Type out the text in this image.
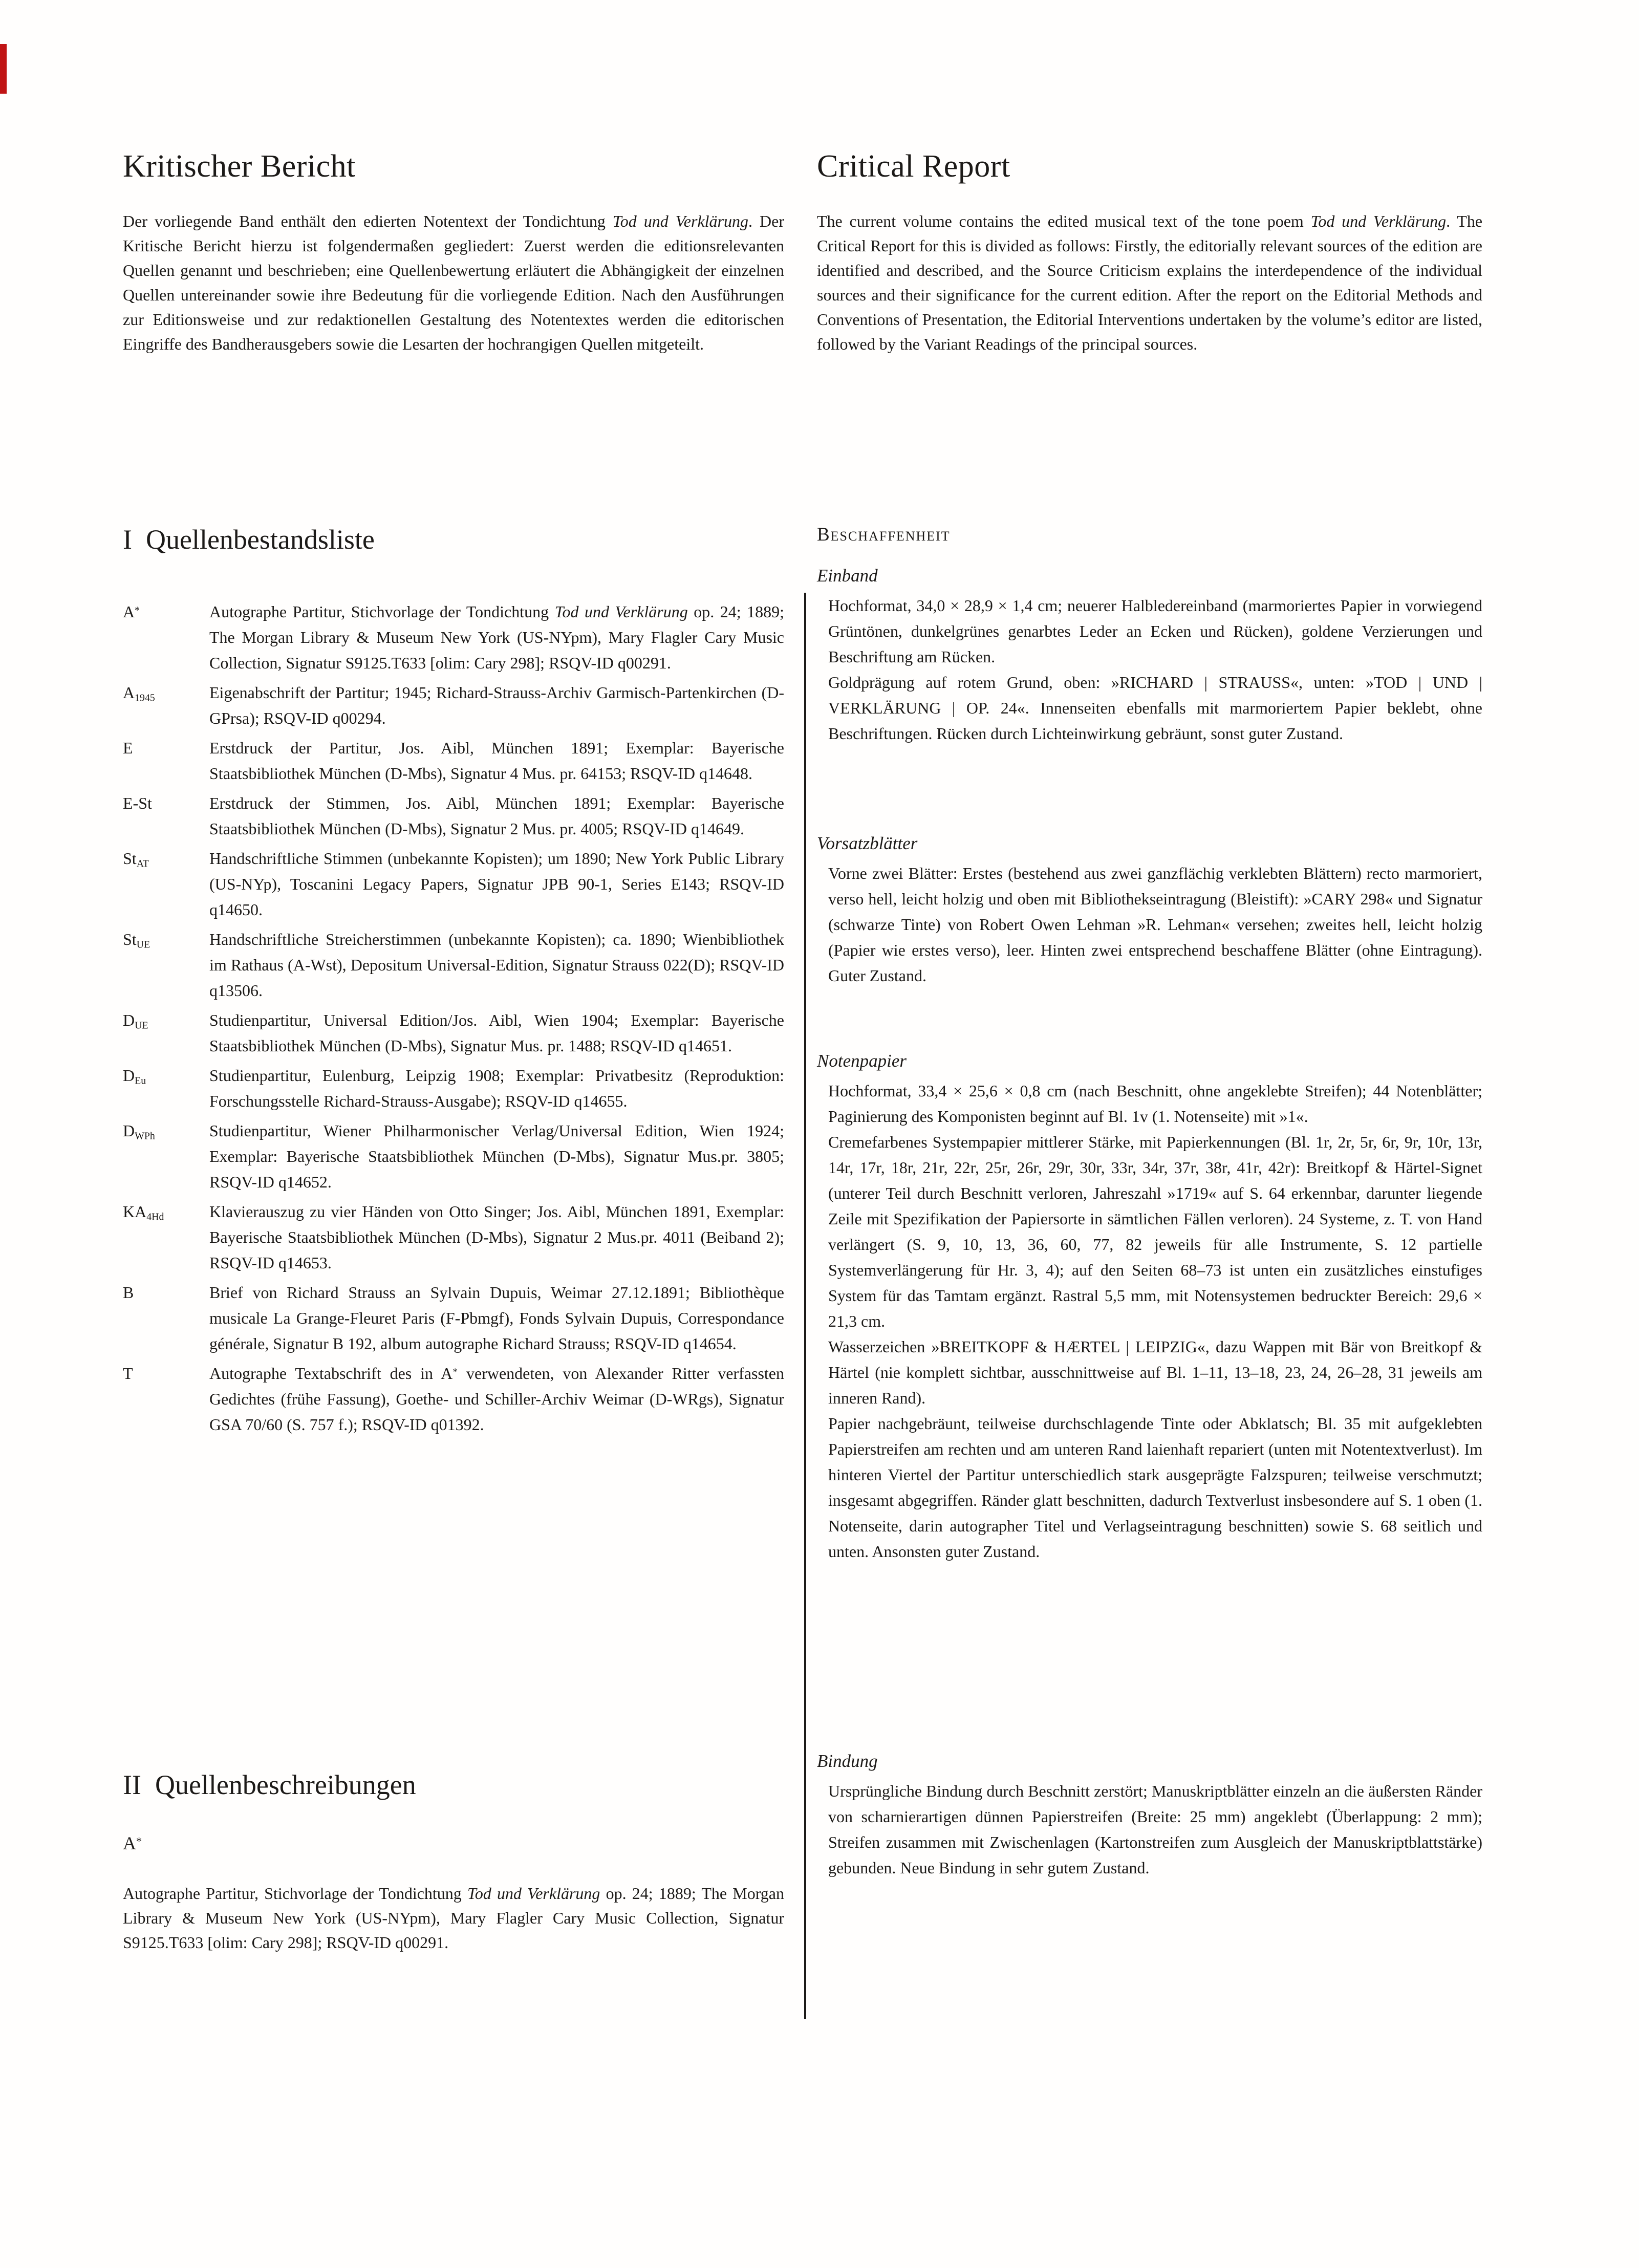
Kritischer Bericht

Der vorliegende Band enthält den edierten Notentext der Tondichtung Tod und Verklärung. Der Kritische Bericht hierzu ist folgendermaßen gegliedert: Zuerst werden die editionsrelevanten Quellen genannt und beschrieben; eine Quellenbewertung erläutert die Abhängigkeit der einzelnen Quellen untereinander sowie ihre Bedeutung für die vorliegende Edition. Nach den Ausführungen zur Editionsweise und zur redaktionellen Gestaltung des Notentextes werden die editorischen Eingriffe des Bandherausgebers sowie die Lesarten der hochrangigen Quellen mitgeteilt.

I Quellenbestandsliste
A*	Autographe Partitur, Stichvorlage der Tondichtung Tod und Verklärung op. 24; 1889; The Morgan Library & Museum New York (US-NYpm), Mary Flagler Cary Music Collection, Signatur S9125.T633 [olim: Cary 298]; RSQV-ID q00291.
$A_{1945}$	Eigenabschrift der Partitur; 1945; Richard-Strauss-Archiv Garmisch-Partenkirchen (D-GPrsa); RSQV-ID q00294.
E	Erstdruck der Partitur, Jos. Aibl, München 1891; Exemplar: Bayerische Staatsbibliothek München (D-Mbs), Signatur 4 Mus. pr. 64153; RSQV-ID q14648.
E-St	Erstdruck der Stimmen, Jos. Aibl, München 1891; Exemplar: Bayerische Staatsbibliothek München (D-Mbs), Signatur 2 Mus. pr. 4005; RSQV-ID q14649.
$St_{AT}$	Handschriftliche Stimmen (unbekannte Kopisten); um 1890; New York Public Library (US-NYp), Toscanini Legacy Papers, Signatur JPB 90-1, Series E143; RSQV-ID q14650.
$St_{UE}$	Handschriftliche Streicherstimmen (unbekannte Kopisten); ca. 1890; Wienbibliothek im Rathaus (A-Wst), Depositum Universal-Edition, Signatur Strauss 022(D); RSQV-ID q13506.
$D_{UE}$	Studienpartitur, Universal Edition/Jos. Aibl, Wien 1904; Exemplar: Bayerische Staatsbibliothek München (D-Mbs), Signatur Mus. pr. 1488; RSQV-ID q14651.
$D_{Eu}$	Studienpartitur, Eulenburg, Leipzig 1908; Exemplar: Privatbesitz (Reproduktion: Forschungsstelle Richard-Strauss-Ausgabe); RSQV-ID q14655.
$D_{WPh}$	Studienpartitur, Wiener Philharmonischer Verlag/Universal Edition, Wien 1924; Exemplar: Bayerische Staatsbibliothek München (D-Mbs), Signatur Mus.pr. 3805; RSQV-ID q14652.
$KA_{4Hd}$	Klavierauszug zu vier Händen von Otto Singer; Jos. Aibl, München 1891, Exemplar: Bayerische Staatsbibliothek München (D-Mbs), Signatur 2 Mus.pr. 4011 (Beiband 2); RSQV-ID q14653.
B	Brief von Richard Strauss an Sylvain Dupuis, Weimar 27.12.1891; Bibliothèque musicale La Grange-Fleuret Paris (F-Pbmgf), Fonds Sylvain Dupuis, Correspondance générale, Signatur B 192, album autographe Richard Strauss; RSQV-ID q14654.
T	Autographe Textabschrift des in A* verwendeten, von Alexander Ritter verfassten Gedichtes (frühe Fassung), Goethe- und Schiller-Archiv Weimar (D-WRgs), Signatur GSA 70/60 (S. 757 f.); RSQV-ID q01392.
II Quellenbeschreibungen
A*

Autographe Partitur, Stichvorlage der Tondichtung Tod und Verklärung op. 24; 1889; The Morgan Library & Museum New York (US-NYpm), Mary Flagler Cary Music Collection, Signatur S9125.T633 [olim: Cary 298]; RSQV-ID q00291.

Critical Report

The current volume contains the edited musical text of the tone poem Tod und Verklärung. The Critical Report for this is divided as follows: Firstly, the editorially relevant sources of the edition are identified and described, and the Source Criticism explains the interdependence of the individual sources and their significance for the current edition. After the report on the Editorial Methods and Conventions of Presentation, the Editorial Interventions undertaken by the volume’s editor are listed, followed by the Variant Readings of the principal sources.

Beschaffenheit
Einband

Hochformat, 34,0 × 28,9 × 1,4 cm; neuerer Halbledereinband (marmoriertes Papier in vorwiegend Grüntönen, dunkelgrünes genarbtes Leder an Ecken und Rücken), goldene Verzierungen und Beschriftung am Rücken.

Goldprägung auf rotem Grund, oben: »RICHARD | STRAUSS«, unten: »TOD | UND | VERKLÄRUNG | OP. 24«. Innenseiten ebenfalls mit marmoriertem Papier beklebt, ohne Beschriftungen. Rücken durch Lichteinwirkung gebräunt, sonst guter Zustand.

Vorsatzblätter

Vorne zwei Blätter: Erstes (bestehend aus zwei ganzflächig verklebten Blättern) recto marmoriert, verso hell, leicht holzig und oben mit Bibliothekseintragung (Bleistift): »CARY 298« und Signatur (schwarze Tinte) von Robert Owen Lehman »R. Lehman« versehen; zweites hell, leicht holzig (Papier wie erstes verso), leer. Hinten zwei entsprechend beschaffene Blätter (ohne Eintragung). Guter Zustand.

Notenpapier

Hochformat, 33,4 × 25,6 × 0,8 cm (nach Beschnitt, ohne angeklebte Streifen); 44 Notenblätter; Paginierung des Komponisten beginnt auf Bl. 1v (1. Notenseite) mit »1«.

Cremefarbenes Systempapier mittlerer Stärke, mit Papierkennungen (Bl. 1r, 2r, 5r, 6r, 9r, 10r, 13r, 14r, 17r, 18r, 21r, 22r, 25r, 26r, 29r, 30r, 33r, 34r, 37r, 38r, 41r, 42r): Breitkopf & Härtel-Signet (unterer Teil durch Beschnitt verloren, Jahreszahl »1719« auf S. 64 erkennbar, darunter liegende Zeile mit Spezifikation der Papiersorte in sämtlichen Fällen verloren). 24 Systeme, z. T. von Hand verlängert (S. 9, 10, 13, 36, 60, 77, 82 jeweils für alle Instrumente, S. 12 partielle Systemverlängerung für Hr. 3, 4); auf den Seiten 68–73 ist unten ein zusätzliches einstufiges System für das Tamtam ergänzt. Rastral 5,5 mm, mit Notensystemen bedruckter Bereich: 29,6 × 21,3 cm.

Wasserzeichen »BREITKOPF & HÆRTEL | LEIPZIG«, dazu Wappen mit Bär von Breitkopf & Härtel (nie komplett sichtbar, ausschnittweise auf Bl. 1–11, 13–18, 23, 24, 26–28, 31 jeweils am inneren Rand).

Papier nachgebräunt, teilweise durchschlagende Tinte oder Abklatsch; Bl. 35 mit aufgeklebten Papierstreifen am rechten und am unteren Rand laienhaft repariert (unten mit Notentextverlust). Im hinteren Viertel der Partitur unterschiedlich stark ausgeprägte Falzspuren; teilweise verschmutzt; insgesamt abgegriffen. Ränder glatt beschnitten, dadurch Textverlust insbesondere auf S. 1 oben (1. Notenseite, darin autographer Titel und Verlagseintragung beschnitten) sowie S. 68 seitlich und unten. Ansonsten guter Zustand.

Bindung

Ursprüngliche Bindung durch Beschnitt zerstört; Manuskriptblätter einzeln an die äußersten Ränder von scharnierartigen dünnen Papierstreifen (Breite: 25 mm) angeklebt (Überlappung: 2 mm); Streifen zusammen mit Zwischenlagen (Kartonstreifen zum Ausgleich der Manuskriptblattstärke) gebunden. Neue Bindung in sehr gutem Zustand.
